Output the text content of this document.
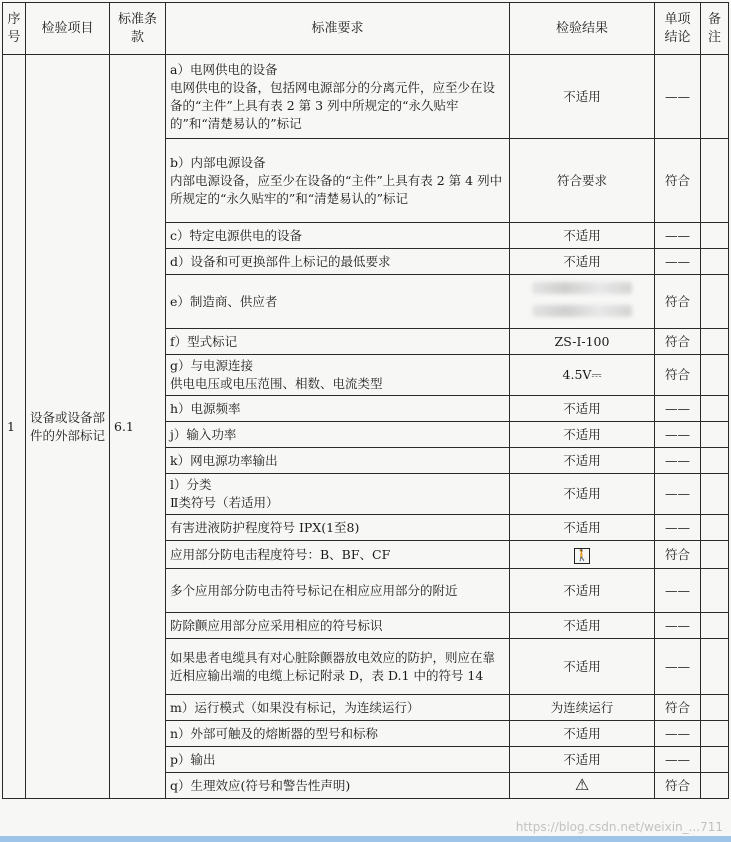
序号	检验项目	标准条款	标准要求	检验结果	单项结论	备注
1	设备或设备部件的外部标记	6.1	a）电网供电的设备
电网供电的设备，包括网电源部分的分离元件，应至少在设备的“主件”上具有表 2 第 3 列中所规定的“永久贴牢的”和“清楚易认的”标记	不适用	——	
			b）内部电源设备
内部电源设备，应至少在设备的“主件”上具有表 2 第 4 列中所规定的“永久贴牢的”和“清楚易认的”标记	符合要求	符合	
			c）特定电源供电的设备	不适用	——	
			d）设备和可更换部件上标记的最低要求	不适用	——	
			e）制造商、供应者		符合	
			f）型式标记	ZS-I-100	符合	
			g）与电源连接
供电电压或电压范围、相数、电流类型	4.5V⎓	符合	
			h）电源频率	不适用	——	
			j）输入功率	不适用	——	
			k）网电源功率输出	不适用	——	
			l）分类
Ⅱ类符号（若适用）	不适用	——	
			有害进液防护程度符号 IPX(1至8)	不适用	——	
			应用部分防电击程度符号：B、BF、CF	🚶	符合	
			多个应用部分防电击符号标记在相应应用部分的附近	不适用	——	
			防除颤应用部分应采用相应的符号标识	不适用	——	
			如果患者电缆具有对心脏除颤器放电效应的防护，则应在靠近相应输出端的电缆上标记附录 D，表 D.1 中的符号 14	不适用	——	
			m）运行模式（如果没有标记，为连续运行）	为连续运行	符合	
			n）外部可触及的熔断器的型号和标称	不适用	——	
			p）输出	不适用	——	
			q）生理效应(符号和警告性声明)	⚠	符合	
https://blog.csdn.net/weixin_...711
